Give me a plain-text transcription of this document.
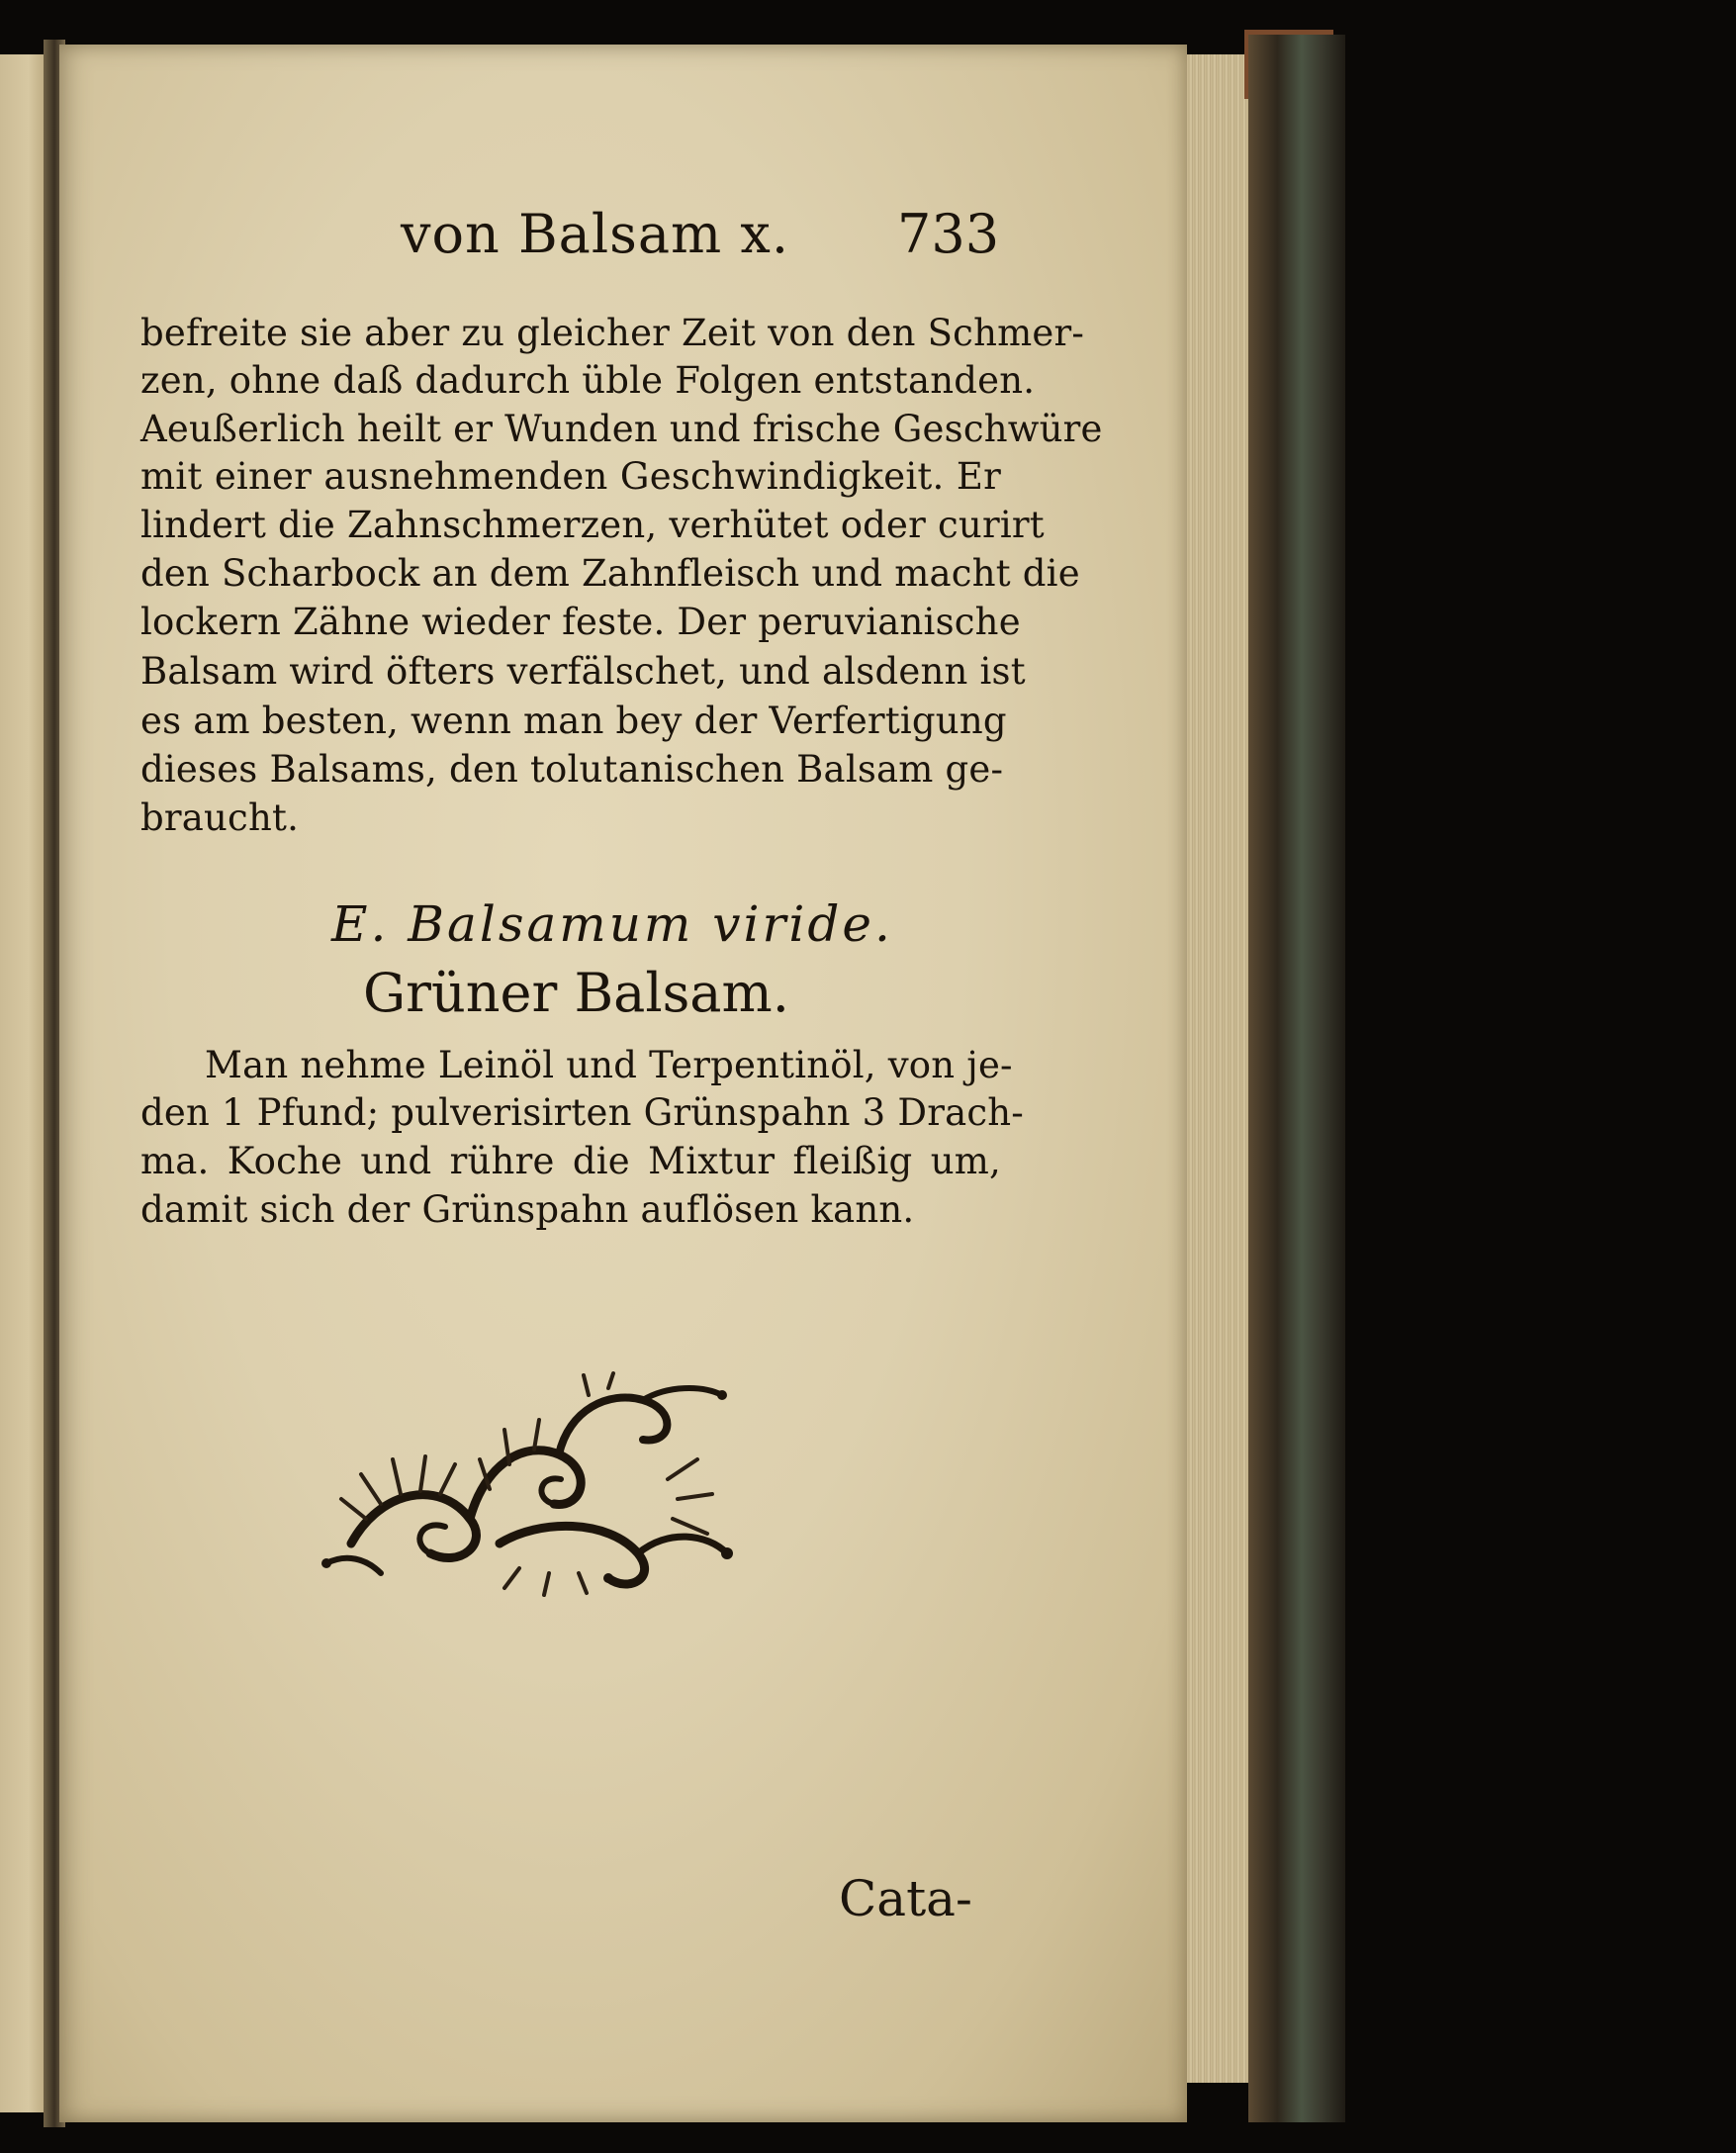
von Balsam x. 733
befreite sie aber zu gleicher Zeit von den Schmer-
zen, ohne daß dadurch üble Folgen entstanden.
Aeußerlich heilt er Wunden und frische Geschwüre
mit einer ausnehmenden Geschwindigkeit. Er
lindert die Zahnschmerzen, verhütet oder curirt
den Scharbock an dem Zahnfleisch und macht die
lockern Zähne wieder feste. Der peruvianische
Balsam wird öfters verfälschet, und alsdenn ist
es am besten, wenn man bey der Verfertigung
dieses Balsams, den tolutanischen Balsam ge-
braucht.
E. Balsamum viride.
Grüner Balsam.
Man nehme Leinöl und Terpentinöl, von je-
den 1 Pfund; pulverisirten Grünspahn 3 Drach-
ma. Koche und rühre die Mixtur fleißig um,
damit sich der Grünspahn auflösen kann.
Cata-
